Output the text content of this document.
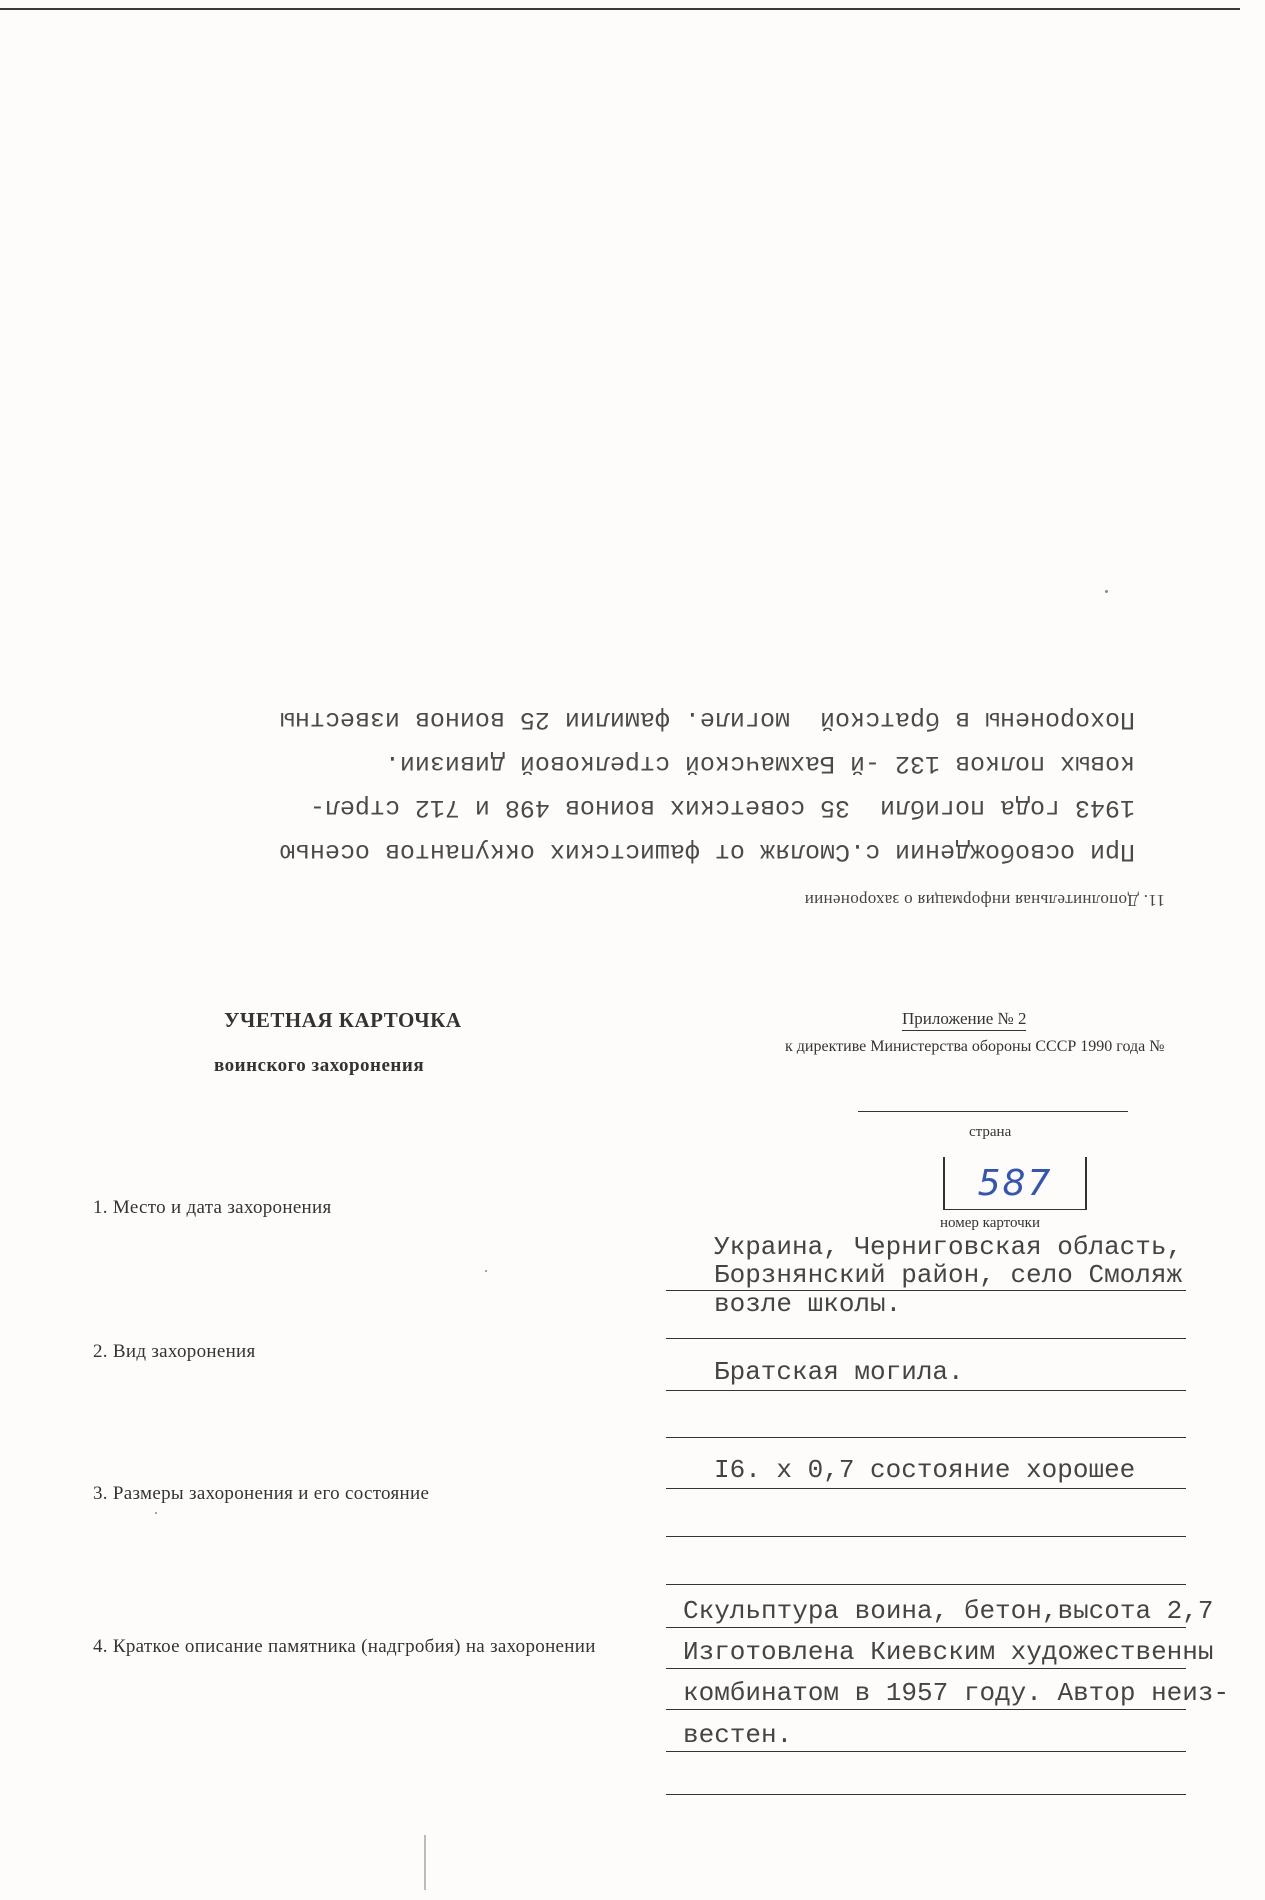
11. Дополнительная информация о захоронении
При освобождении с.Смоляж от фашистских оккупантов осенью
1943 года погибли  35 советских воинов 498 и 712 стрел-
ковых полков 132 -й Бахмачской стрелковой дивизии.
Похоронены в братской  могиле. фамилии 25 воинов известны
УЧЕТНАЯ КАРТОЧКА
воинского захоронения
Приложение № 2
к директиве Министерства обороны СССР 1990 года №
страна
587
номер карточки
1. Место и дата захоронения
Украина, Черниговская область,
Борзнянский район, село Смоляж
возле школы.
2. Вид захоронения
Братская могила.
3. Размеры захоронения и его состояние
I6. х 0,7 состояние хорошее
4. Краткое описание памятника (надгробия) на захоронении
Скульптура воина, бетон,высота 2,7
Изготовлена Киевским художественны
комбинатом в 1957 году. Автор неиз-
вестен.
